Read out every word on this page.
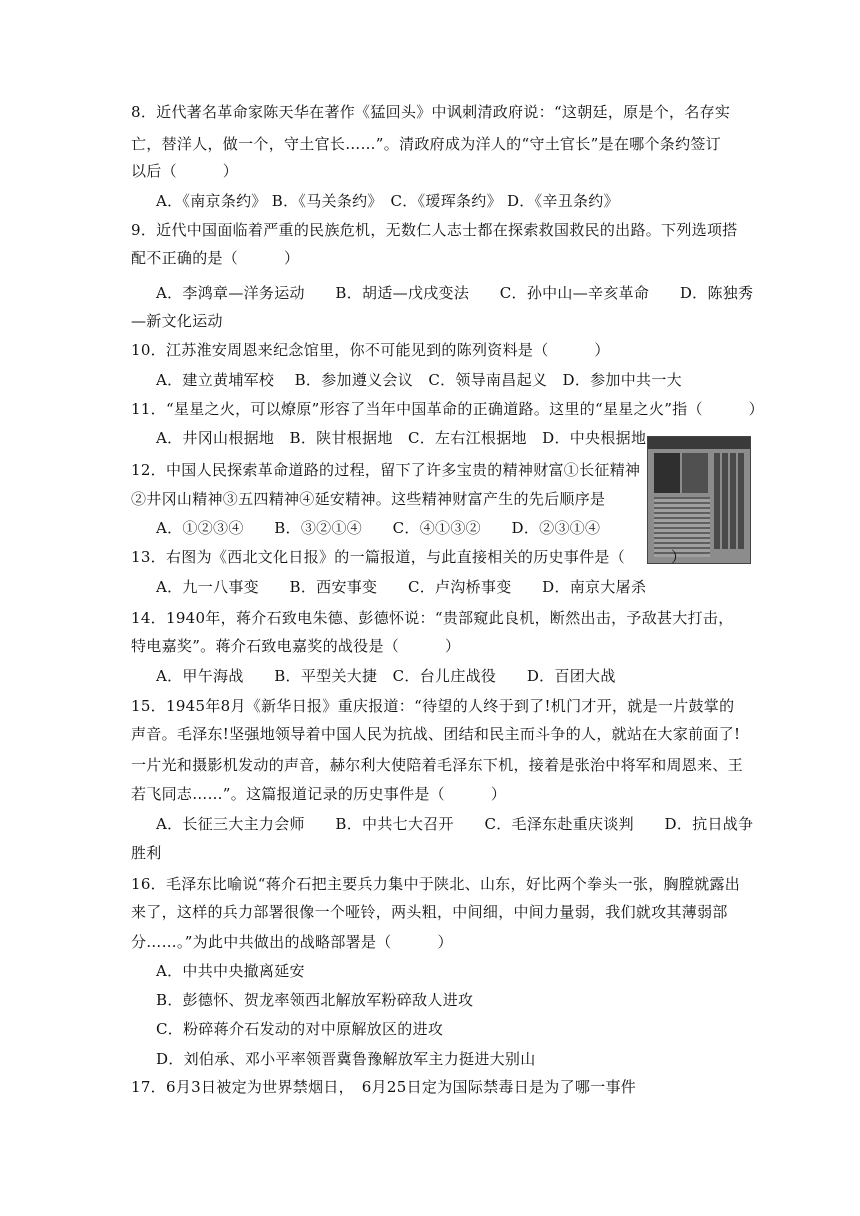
8．近代著名革命家陈天华在著作《猛回头》中讽刺清政府说：“这朝廷，原是个，名存实
亡，替洋人，做一个，守土官长……”。清政府成为洋人的“守土官长”是在哪个条约签订
以后（　　　）
A．《南京条约》 B．《马关条约》　C．《瑷珲条约》 D．《辛丑条约》
9．近代中国面临着严重的民族危机，无数仁人志士都在探索救国救民的出路。下列选项搭
配不正确的是（　　　）
A．李鸿章—洋务运动　　B．胡适—戊戌变法　　C．孙中山—辛亥革命　　D．陈独秀
—新文化运动
10．江苏淮安周恩来纪念馆里，你不可能见到的陈列资料是（　　　）
A．建立黄埔军校　 B．参加遵义会议　C．领导南昌起义　D．参加中共一大
11．“星星之火，可以燎原”形容了当年中国革命的正确道路。这里的“星星之火”指（　　　）
A．井冈山根据地　B．陕甘根据地　C．左右江根据地　D．中央根据地
12．中国人民探索革命道路的过程，留下了许多宝贵的精神财富①长征精神
②井冈山精神③五四精神④延安精神。这些精神财富产生的先后顺序是
A．①②③④　　B．③②①④　　C．④①③②　　D．②③①④
13．右图为《西北文化日报》的一篇报道，与此直接相关的历史事件是（　　　）
A．九一八事变　　B．西安事变　　C．卢沟桥事变　　D．南京大屠杀
14．1940年，蒋介石致电朱德、彭德怀说：“贵部窥此良机，断然出击，予敌甚大打击，
特电嘉奖”。蒋介石致电嘉奖的战役是（　　　）
A．甲午海战　　B．平型关大捷　C．台儿庄战役　　D．百团大战
15．1945年8月《新华日报》重庆报道：“待望的人终于到了!机门才开，就是一片鼓掌的
声音。毛泽东!坚强地领导着中国人民为抗战、团结和民主而斗争的人，就站在大家前面了!
一片光和摄影机发动的声音，赫尔利大使陪着毛泽东下机，接着是张治中将军和周恩来、王
若飞同志……”。这篇报道记录的历史事件是（　　　）
A．长征三大主力会师　　B．中共七大召开　　C．毛泽东赴重庆谈判　　D．抗日战争
胜利
16．毛泽东比喻说“蒋介石把主要兵力集中于陕北、山东，好比两个拳头一张，胸膛就露出
来了，这样的兵力部署很像一个哑铃，两头粗，中间细，中间力量弱，我们就攻其薄弱部
分……。”为此中共做出的战略部署是（　　　）
A．中共中央撤离延安
B．彭德怀、贺龙率领西北解放军粉碎敌人进攻
C．粉碎蒋介石发动的对中原解放区的进攻
D．刘伯承、邓小平率领晋冀鲁豫解放军主力挺进大别山
17．6月3日被定为世界禁烟日，　6月25日定为国际禁毒日是为了哪一事件
